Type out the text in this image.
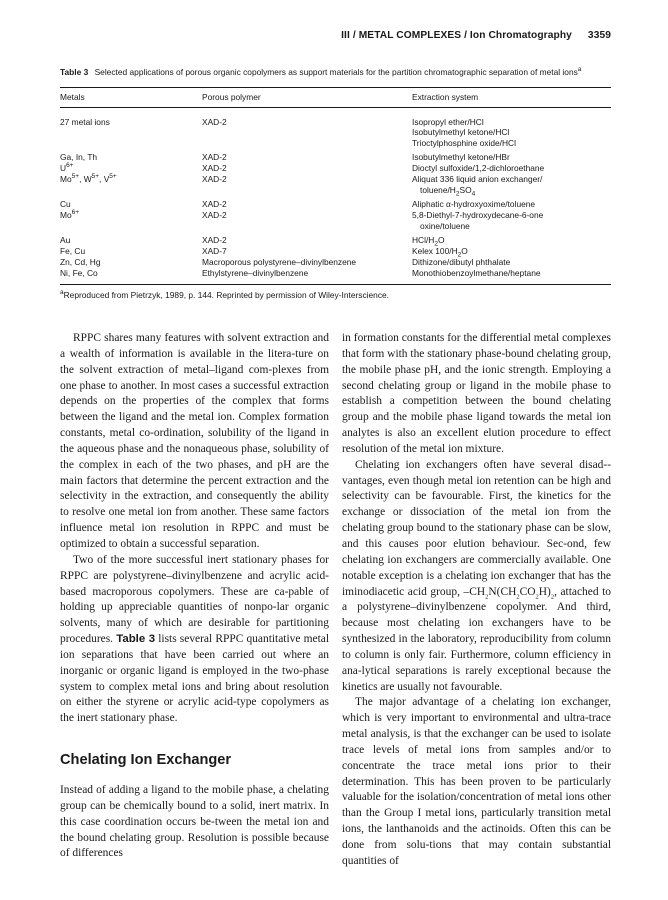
III / METAL COMPLEXES / Ion Chromatography 3359
Table 3 Selected applications of porous organic copolymers as support materials for the partition chromatographic separation of metal ions$^a$
Metals	Porous polymer	Extraction system
27 metal ions	XAD-2	Isopropyl ether/HCl
Isobutylmethyl ketone/HCl
Trioctylphosphine oxide/HCl

Ga, In, Th	XAD-2	Isobutylmethyl ketone/HBr
$U^{6+}$	XAD-2	Dioctyl sulfoxide/1,2-dichloroethane
$Mo^{5+}$, $W^{5+}$, $V^{5+}$	XAD-2	Aliquat 336 liquid anion exchanger/
toluene/$H_2SO_4$

Cu	XAD-2	Aliphatic α-hydroxyoxime/toluene
$Mo^{6+}$	XAD-2	5,8-Diethyl-7-hydroxydecane-6-one
oxine/toluene

Au	XAD-2	HCl/$H_2O$
Fe, Cu	XAD-7	Kelex $100/H_2O$
Zn, Cd, Hg	Macroporous polystyrene–divinylbenzene	Dithizone/dibutyl phthalate
Ni, Fe, Co	Ethylstyrene–divinylbenzene	Monothiobenzoylmethane/heptane
$^a$Reproduced from Pietrzyk, 1989, p. 144. Reprinted by permission of Wiley-Interscience.

RPPC shares many features with solvent extraction and a wealth of information is available in the litera-ture on the solvent extraction of metal–ligand com-plexes from one phase to another. In most cases a successful extraction depends on the properties of the complex that forms between the ligand and the metal ion. Complex formation constants, metal co-ordination, solubility of the ligand in the aqueous phase and the nonaqueous phase, solubility of the complex in each of the two phases, and pH are the main factors that determine the percent extraction and the selectivity in the extraction, and consequently the ability to resolve one metal ion from another. These same factors influence metal ion resolution in RPPC and must be optimized to obtain a successful separation.

Two of the more successful inert stationary phases for RPPC are polystyrene–divinylbenzene and acrylic acid-based macroporous copolymers. These are ca-pable of holding up appreciable quantities of nonpo-lar organic solvents, many of which are desirable for partitioning procedures. Table 3 lists several RPPC quantitative metal ion separations that have been carried out where an inorganic or organic ligand is employed in the two-phase system to complex metal ions and bring about resolution on either the styrene or acrylic acid-type copolymers as the inert stationary phase.

Chelating Ion Exchanger

Instead of adding a ligand to the mobile phase, a chelating group can be chemically bound to a solid, inert matrix. In this case coordination occurs be-tween the metal ion and the bound chelating group. Resolution is possible because of differences

in formation constants for the differential metal complexes that form with the stationary phase-bound chelating group, the mobile phase pH, and the ionic strength. Employing a second chelating group or ligand in the mobile phase to establish a competition between the bound chelating group and the mobile phase ligand towards the metal ion analytes is also an excellent elution procedure to effect resolution of the metal ion mixture.

Chelating ion exchangers often have several disad-vantages, even though metal ion retention can be high and selectivity can be favourable. First, the kinetics for the exchange or dissociation of the metal ion from the chelating group bound to the stationary phase can be slow, and this causes poor elution behaviour. Sec-ond, few chelating ion exchangers are commercially available. One notable exception is a chelating ion exchanger that has the iminodiacetic acid group, $-CH_2N(CH_2CO_2H)_2$, attached to a polystyrene–divinylbenzene copolymer. And third, because most chelating ion exchangers have to be synthesized in the laboratory, reproducibility from column to column is only fair. Furthermore, column efficiency in ana-lytical separations is rarely exceptional because the kinetics are usually not favourable.

The major advantage of a chelating ion exchanger, which is very important to environmental and ultra-trace metal analysis, is that the exchanger can be used to isolate trace levels of metal ions from samples and/or to concentrate the trace metal ions prior to their determination. This has been proven to be particularly valuable for the isolation/concentration of metal ions other than the Group I metal ions, particularly transition metal ions, the lanthanoids and the actinoids. Often this can be done from solu-tions that may contain substantial quantities of
